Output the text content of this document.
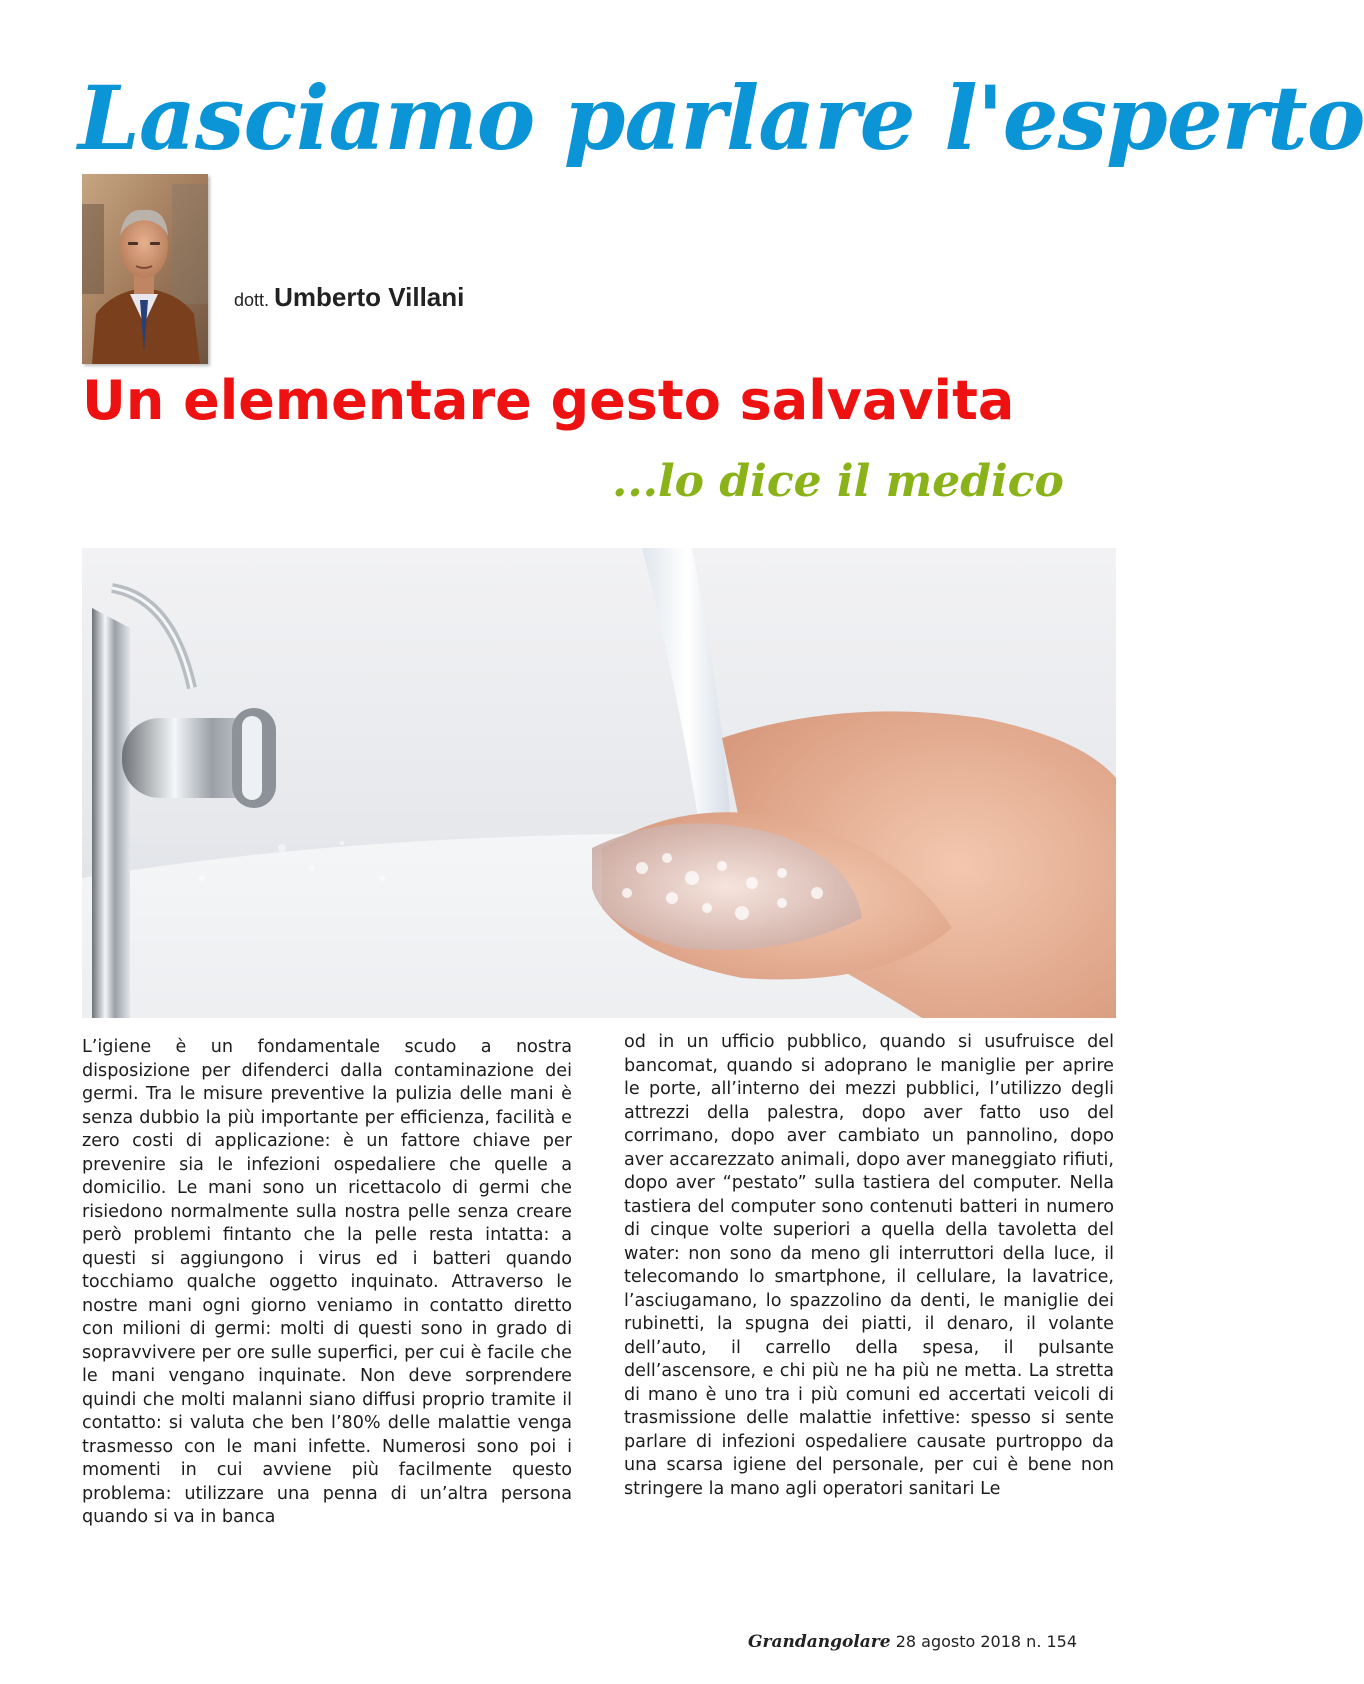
Lasciamo parlare l'esperto
dott. Umberto Villani
Un elementare gesto salvavita
...lo dice il medico
L’igiene è un fondamentale scudo a nostra disposizione per difenderci dalla contaminazione dei germi. Tra le misure preventive la pulizia delle mani è senza dubbio la più importante per efficienza, facilità e zero costi di applicazione: è un fattore chiave per prevenire sia le infezioni ospedaliere che quelle a domicilio. Le mani sono un ricettacolo di germi che risiedono normalmente sulla nostra pelle senza creare però problemi fintanto che la pelle resta intatta: a questi si aggiungono i virus ed i batteri quando tocchiamo qualche oggetto inquinato. Attraverso le nostre mani ogni giorno veniamo in contatto diretto con milioni di germi: molti di questi sono in grado di sopravvivere per ore sulle superfici, per cui è facile che le mani vengano inquinate. Non deve sorprendere quindi che molti malanni siano diffusi proprio tramite il contatto: si valuta che ben l’80% delle malattie venga trasmesso con le mani infette. Numerosi sono poi i momenti in cui avviene più facilmente questo problema: utilizzare una penna di un’altra persona quando si va in banca
od in un ufficio pubblico, quando si usufruisce del bancomat, quando si adoprano le maniglie per aprire le porte, all’interno dei mezzi pubblici, l’utilizzo degli attrezzi della palestra, dopo aver fatto uso del corrimano, dopo aver cambiato un pannolino, dopo aver accarezzato animali, dopo aver maneggiato rifiuti, dopo aver “pestato” sulla tastiera del computer. Nella tastiera del computer sono contenuti batteri in numero di cinque volte superiori a quella della tavoletta del water: non sono da meno gli interruttori della luce, il telecomando lo smartphone, il cellulare, la lavatrice, l’asciugamano, lo spazzolino da denti, le maniglie dei rubinetti, la spugna dei piatti, il denaro, il volante dell’auto, il carrello della spesa, il pulsante dell’ascensore, e chi più ne ha più ne metta. La stretta di mano è uno tra i più comuni ed accertati veicoli di trasmissione delle malattie infettive: spesso si sente parlare di infezioni ospedaliere causate purtroppo da una scarsa igiene del personale, per cui è bene non stringere la mano agli operatori sanitari Le
Grandangolare 28 agosto 2018 n. 154
